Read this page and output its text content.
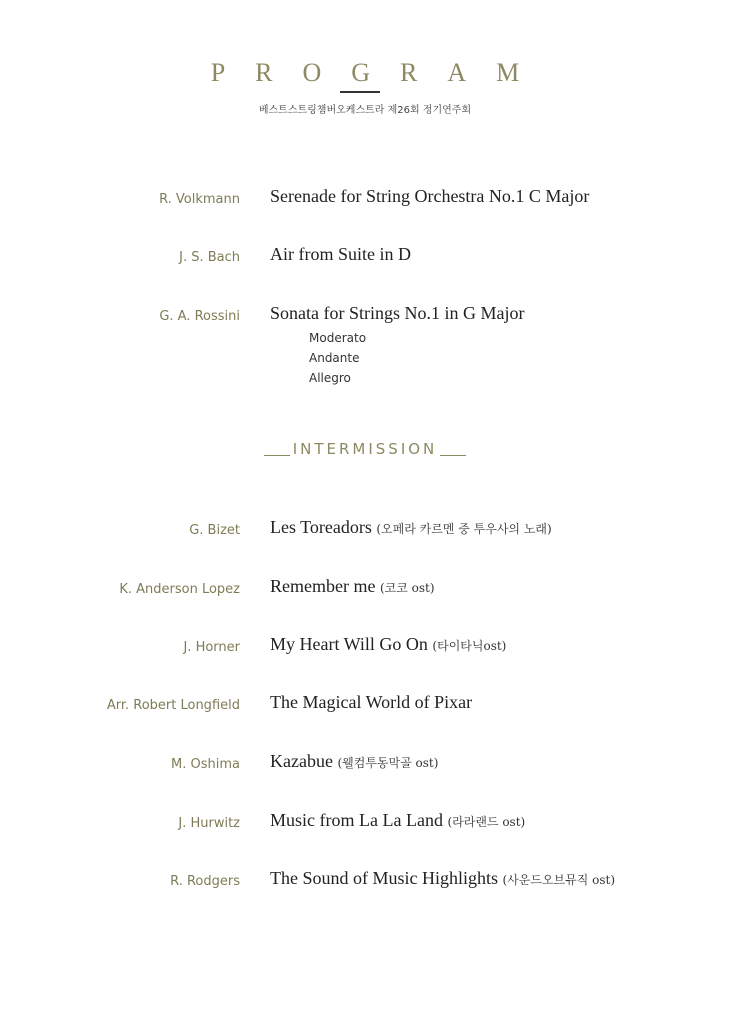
PROGRAM
베스트스트링챔버오케스트라 제26회 정기연주회
R. Volkmann Serenade for String Orchestra No.1 C Major
J. S. Bach Air from Suite in D
G. A. Rossini Sonata for Strings No.1 in G Major
Moderato
Andante
Allegro
INTERMISSION
G. Bizet Les Toreadors (오페라 카르멘 중 투우사의 노래)
K. Anderson Lopez Remember me (코코 ost)
J. Horner My Heart Will Go On (타이타닉ost)
Arr. Robert Longfield The Magical World of Pixar
M. Oshima Kazabue (웰컴투동막골 ost)
J. Hurwitz Music from La La Land (라라랜드 ost)
R. Rodgers The Sound of Music Highlights (사운드오브뮤직 ost)
